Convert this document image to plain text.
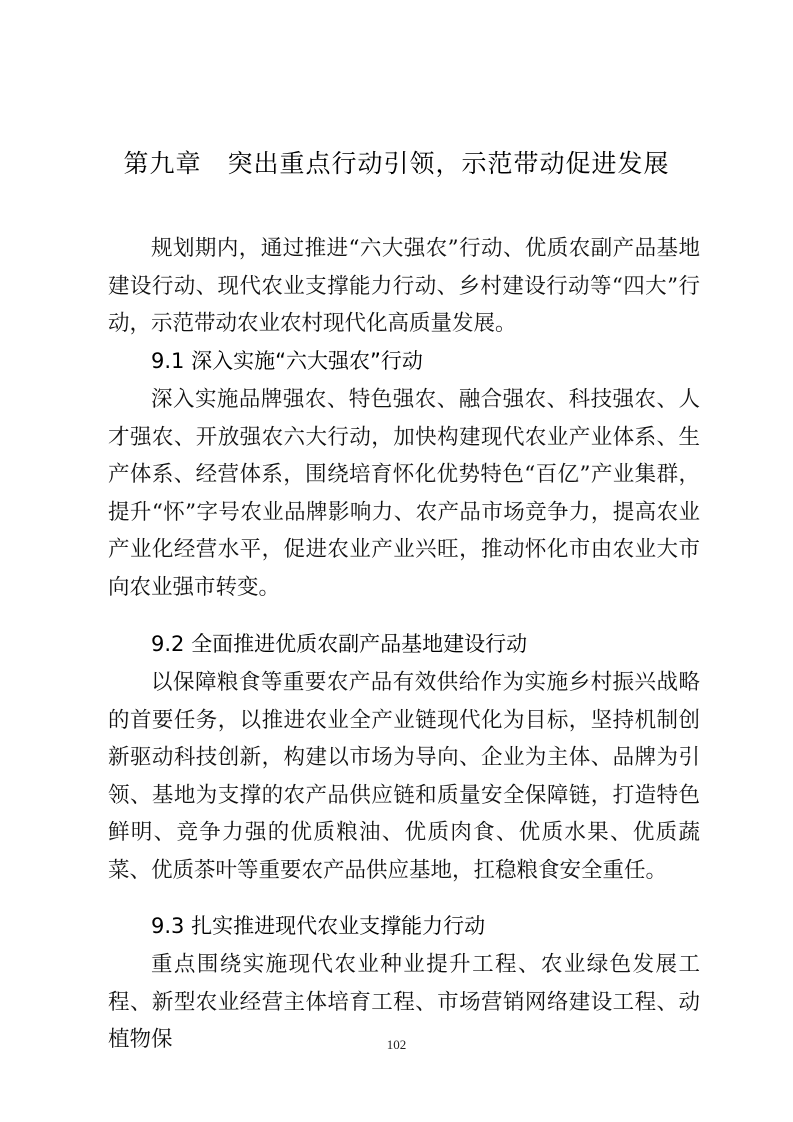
第九章　突出重点行动引领，示范带动促进发展
规划期内，通过推进“六大强农”行动、优质农副产品基地建设行动、现代农业支撑能力行动、乡村建设行动等“四大”行动，示范带动农业农村现代化高质量发展。
9.1 深入实施“六大强农”行动
深入实施品牌强农、特色强农、融合强农、科技强农、人才强农、开放强农六大行动，加快构建现代农业产业体系、生产体系、经营体系，围绕培育怀化优势特色“百亿”产业集群，提升“怀”字号农业品牌影响力、农产品市场竞争力，提高农业产业化经营水平，促进农业产业兴旺，推动怀化市由农业大市向农业强市转变。
9.2 全面推进优质农副产品基地建设行动
以保障粮食等重要农产品有效供给作为实施乡村振兴战略的首要任务，以推进农业全产业链现代化为目标，坚持机制创新驱动科技创新，构建以市场为导向、企业为主体、品牌为引领、基地为支撑的农产品供应链和质量安全保障链，打造特色鲜明、竞争力强的优质粮油、优质肉食、优质水果、优质蔬菜、优质茶叶等重要农产品供应基地，扛稳粮食安全重任。
9.3 扎实推进现代农业支撑能力行动
重点围绕实施现代农业种业提升工程、农业绿色发展工程、新型农业经营主体培育工程、市场营销网络建设工程、动植物保	102
